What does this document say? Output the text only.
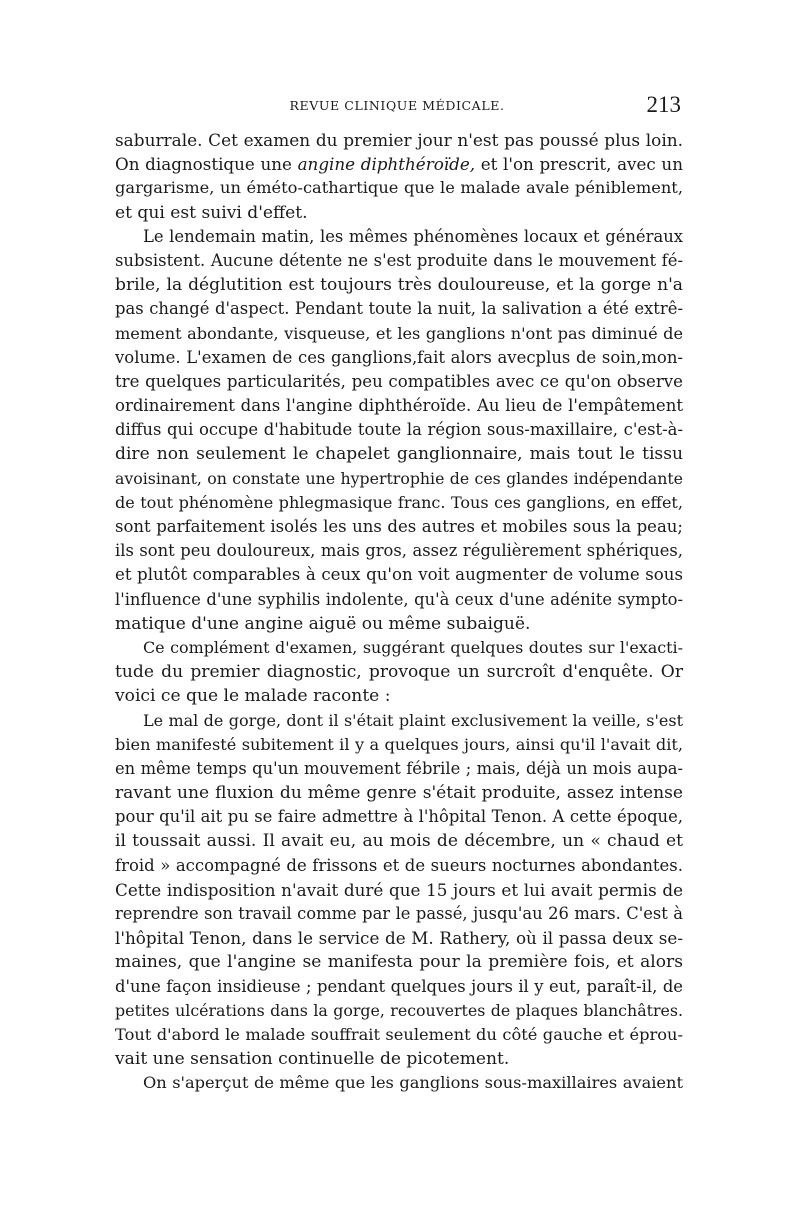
REVUE CLINIQUE MÉDICALE.	213
saburrale. Cet examen du premier jour n'est pas poussé plus loin.
On diagnostique une angine diphthéroïde, et l'on prescrit, avec un
gargarisme, un éméto-cathartique que le malade avale péniblement,
et qui est suivi d'effet.
Le lendemain matin, les mêmes phénomènes locaux et généraux
subsistent. Aucune détente ne s'est produite dans le mouvement fé-
brile, la déglutition est toujours très douloureuse, et la gorge n'a
pas changé d'aspect. Pendant toute la nuit, la salivation a été extrê-
mement abondante, visqueuse, et les ganglions n'ont pas diminué de
volume. L'examen de ces ganglions,fait alors avecplus de soin,mon-
tre quelques particularités, peu compatibles avec ce qu'on observe
ordinairement dans l'angine diphthéroïde. Au lieu de l'empâtement
diffus qui occupe d'habitude toute la région sous-maxillaire, c'est-à-
dire non seulement le chapelet ganglionnaire, mais tout le tissu
avoisinant, on constate une hypertrophie de ces glandes indépendante
de tout phénomène phlegmasique franc. Tous ces ganglions, en effet,
sont parfaitement isolés les uns des autres et mobiles sous la peau;
ils sont peu douloureux, mais gros, assez régulièrement sphériques,
et plutôt comparables à ceux qu'on voit augmenter de volume sous
l'influence d'une syphilis indolente, qu'à ceux d'une adénite sympto-
matique d'une angine aiguë ou même subaiguë.
Ce complément d'examen, suggérant quelques doutes sur l'exacti-
tude du premier diagnostic, provoque un surcroît d'enquête. Or
voici ce que le malade raconte :
Le mal de gorge, dont il s'était plaint exclusivement la veille, s'est
bien manifesté subitement il y a quelques jours, ainsi qu'il l'avait dit,
en même temps qu'un mouvement fébrile ; mais, déjà un mois aupa-
ravant une fluxion du même genre s'était produite, assez intense
pour qu'il ait pu se faire admettre à l'hôpital Tenon. A cette époque,
il toussait aussi. Il avait eu, au mois de décembre, un « chaud et
froid » accompagné de frissons et de sueurs nocturnes abondantes.
Cette indisposition n'avait duré que 15 jours et lui avait permis de
reprendre son travail comme par le passé, jusqu'au 26 mars. C'est à
l'hôpital Tenon, dans le service de M. Rathery, où il passa deux se-
maines, que l'angine se manifesta pour la première fois, et alors
d'une façon insidieuse ; pendant quelques jours il y eut, paraît-il, de
petites ulcérations dans la gorge, recouvertes de plaques blanchâtres.
Tout d'abord le malade souffrait seulement du côté gauche et éprou-
vait une sensation continuelle de picotement.
On s'aperçut de même que les ganglions sous-maxillaires avaient
